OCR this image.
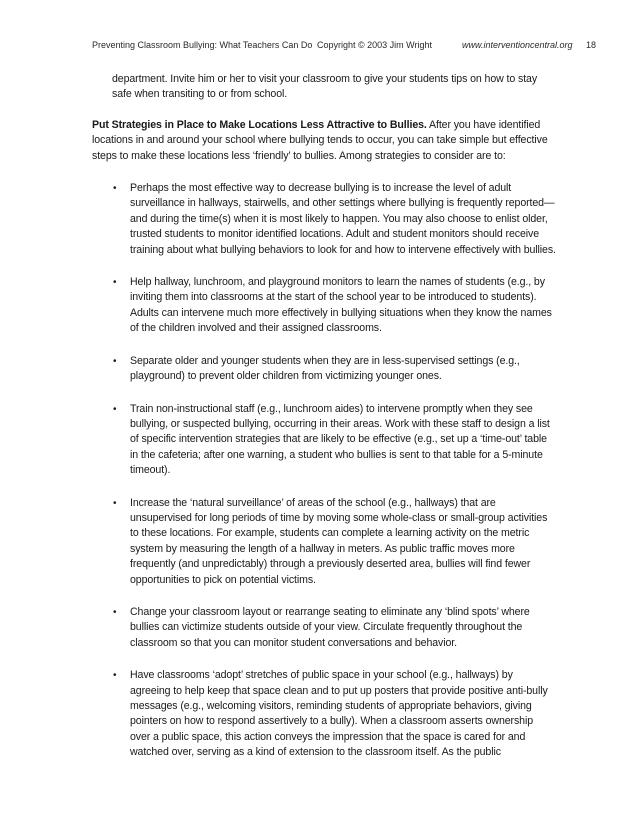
Preventing Classroom Bullying: What Teachers Can Do Copyright © 2003 Jim Wright	www.interventioncentral.org 18

department. Invite him or her to visit your classroom to give your students tips on how to stay safe when transiting to or from school.

Put Strategies in Place to Make Locations Less Attractive to Bullies. After you have identified locations in and around your school where bullying tends to occur, you can take simple but effective steps to make these locations less ‘friendly’ to bullies. Among strategies to consider are to:

• Perhaps the most effective way to decrease bullying is to increase the level of adult surveillance in hallways, stairwells, and other settings where bullying is frequently reported—and during the time(s) when it is most likely to happen. You may also choose to enlist older, trusted students to monitor identified locations. Adult and student monitors should receive training about what bullying behaviors to look for and how to intervene effectively with bullies.
• Help hallway, lunchroom, and playground monitors to learn the names of students (e.g., by inviting them into classrooms at the start of the school year to be introduced to students). Adults can intervene much more effectively in bullying situations when they know the names of the children involved and their assigned classrooms.
• Separate older and younger students when they are in less-supervised settings (e.g., playground) to prevent older children from victimizing younger ones.
• Train non-instructional staff (e.g., lunchroom aides) to intervene promptly when they see bullying, or suspected bullying, occurring in their areas. Work with these staff to design a list of specific intervention strategies that are likely to be effective (e.g., set up a ‘time-out’ table in the cafeteria; after one warning, a student who bullies is sent to that table for a 5-minute timeout).
• Increase the ‘natural surveillance’ of areas of the school (e.g., hallways) that are unsupervised for long periods of time by moving some whole-class or small-group activities to these locations. For example, students can complete a learning activity on the metric system by measuring the length of a hallway in meters. As public traffic moves more frequently (and unpredictably) through a previously deserted area, bullies will find fewer opportunities to pick on potential victims.
• Change your classroom layout or rearrange seating to eliminate any ‘blind spots’ where bullies can victimize students outside of your view. Circulate frequently throughout the classroom so that you can monitor student conversations and behavior.
• Have classrooms ‘adopt’ stretches of public space in your school (e.g., hallways) by agreeing to help keep that space clean and to put up posters that provide positive anti-bully messages (e.g., welcoming visitors, reminding students of appropriate behaviors, giving pointers on how to respond assertively to a bully). When a classroom asserts ownership over a public space, this action conveys the impression that the space is cared for and watched over, serving as a kind of extension to the classroom itself. As the public
